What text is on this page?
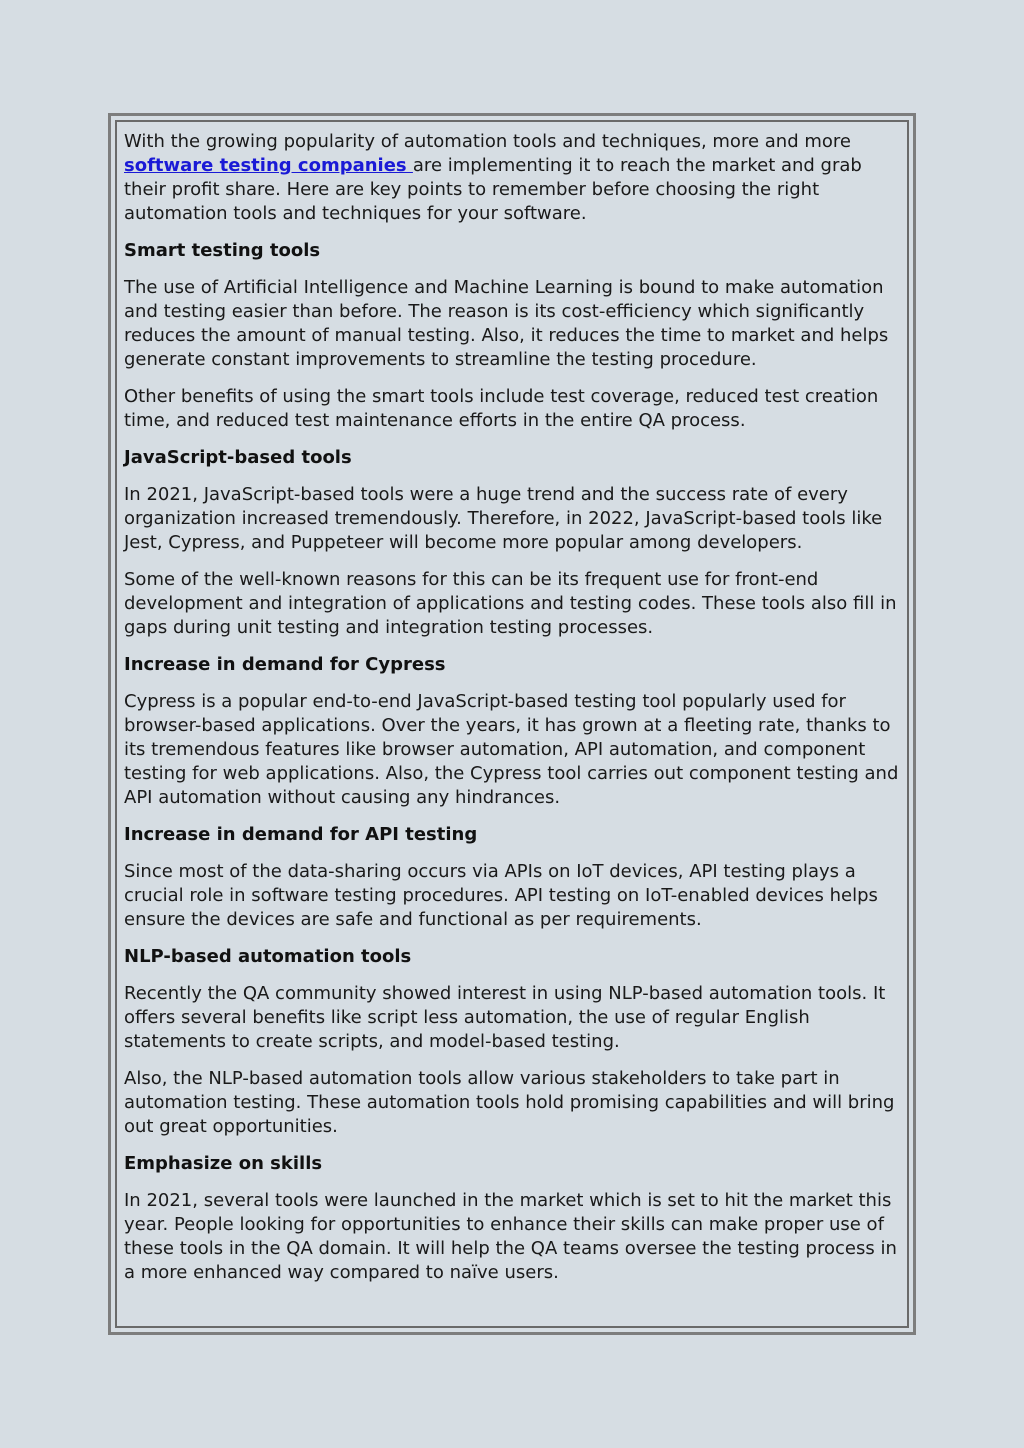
With the growing popularity of automation tools and techniques, more and more software testing companies are implementing it to reach the market and grab their profit share. Here are key points to remember before choosing the right automation tools and techniques for your software.

Smart testing tools

The use of Artificial Intelligence and Machine Learning is bound to make automation and testing easier than before. The reason is its cost-efficiency which significantly reduces the amount of manual testing. Also, it reduces the time to market and helps generate constant improvements to streamline the testing procedure.

Other benefits of using the smart tools include test coverage, reduced test creation time, and reduced test maintenance efforts in the entire QA process.

JavaScript-based tools

In 2021, JavaScript-based tools were a huge trend and the success rate of every organization increased tremendously. Therefore, in 2022, JavaScript-based tools like Jest, Cypress, and Puppeteer will become more popular among developers.

Some of the well-known reasons for this can be its frequent use for front-end development and integration of applications and testing codes. These tools also fill in gaps during unit testing and integration testing processes.

Increase in demand for Cypress

Cypress is a popular end-to-end JavaScript-based testing tool popularly used for browser-based applications. Over the years, it has grown at a fleeting rate, thanks to its tremendous features like browser automation, API automation, and component testing for web applications. Also, the Cypress tool carries out component testing and API automation without causing any hindrances.

Increase in demand for API testing

Since most of the data-sharing occurs via APIs on IoT devices, API testing plays a crucial role in software testing procedures. API testing on IoT-enabled devices helps ensure the devices are safe and functional as per requirements.

NLP-based automation tools

Recently the QA community showed interest in using NLP-based automation tools. It offers several benefits like script less automation, the use of regular English statements to create scripts, and model-based testing.

Also, the NLP-based automation tools allow various stakeholders to take part in automation testing. These automation tools hold promising capabilities and will bring out great opportunities.

Emphasize on skills

In 2021, several tools were launched in the market which is set to hit the market this year. People looking for opportunities to enhance their skills can make proper use of these tools in the QA domain. It will help the QA teams oversee the testing process in a more enhanced way compared to naïve users.
